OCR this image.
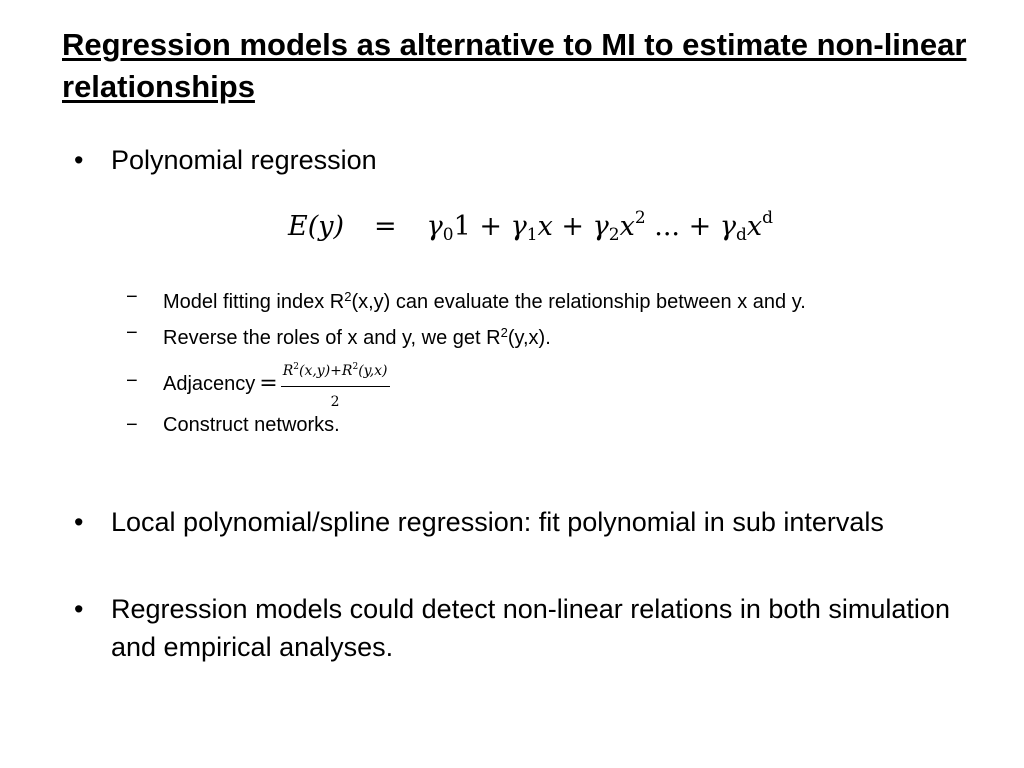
Regression models as alternative to MI to estimate non-linear relationships
• Polynomial regression
$E(y) = \gamma_01 + \gamma_1x + \gamma_2x^2$ ... + $\gamma_dx^d$
− Model fitting index $R^2(x,y)$ can evaluate the relationship between x and y.
− Reverse the roles of x and y, we get $R^2(y,x)$.
− Adjacency = $\frac{R^2(x,y)+R^2(y,x)}{2}$
− Construct networks.
• Local polynomial/spline regression: fit polynomial in sub intervals
• Regression models could detect non-linear relations in both simulation and empirical analyses.
